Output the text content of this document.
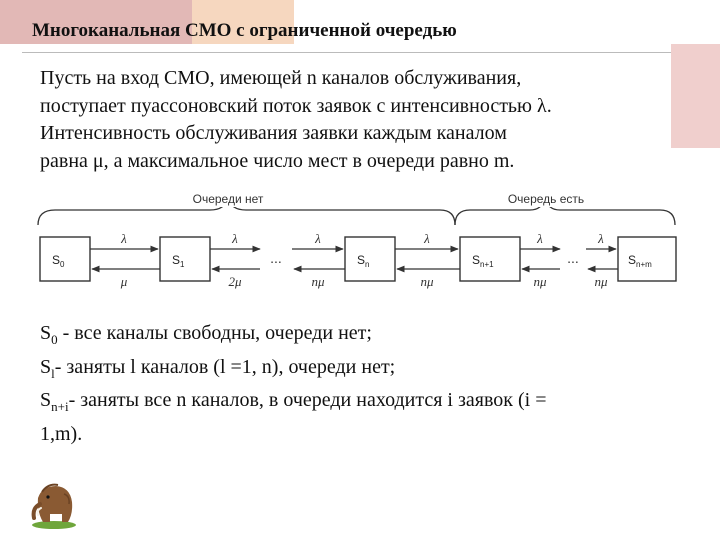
Многоканальная СМО с ограниченной очередью
Пусть на вход СМО, имеющей n каналов обслуживания,
поступает пуассоновский поток заявок с интенсивностью λ.
Интенсивность обслуживания заявки каждым каналом
равна μ, а максимальное число мест в очереди равно m.
Очереди нет	Очередь есть
$S_0$	$S_1$	$S_n$	$S_{n+1}$	$S_{n+m}$
λ	λ	λ	λ	λ	λ
μ	2μ	nμ	nμ	nμ	nμ
...	...
$S_0$ - все каналы свободны, очереди нет;
$S_l-$ заняты l каналов (l =1, n), очереди нет;
$S_{n+i}-$ заняты все n каналов, в очереди находится i заявок (i =
1,m).
